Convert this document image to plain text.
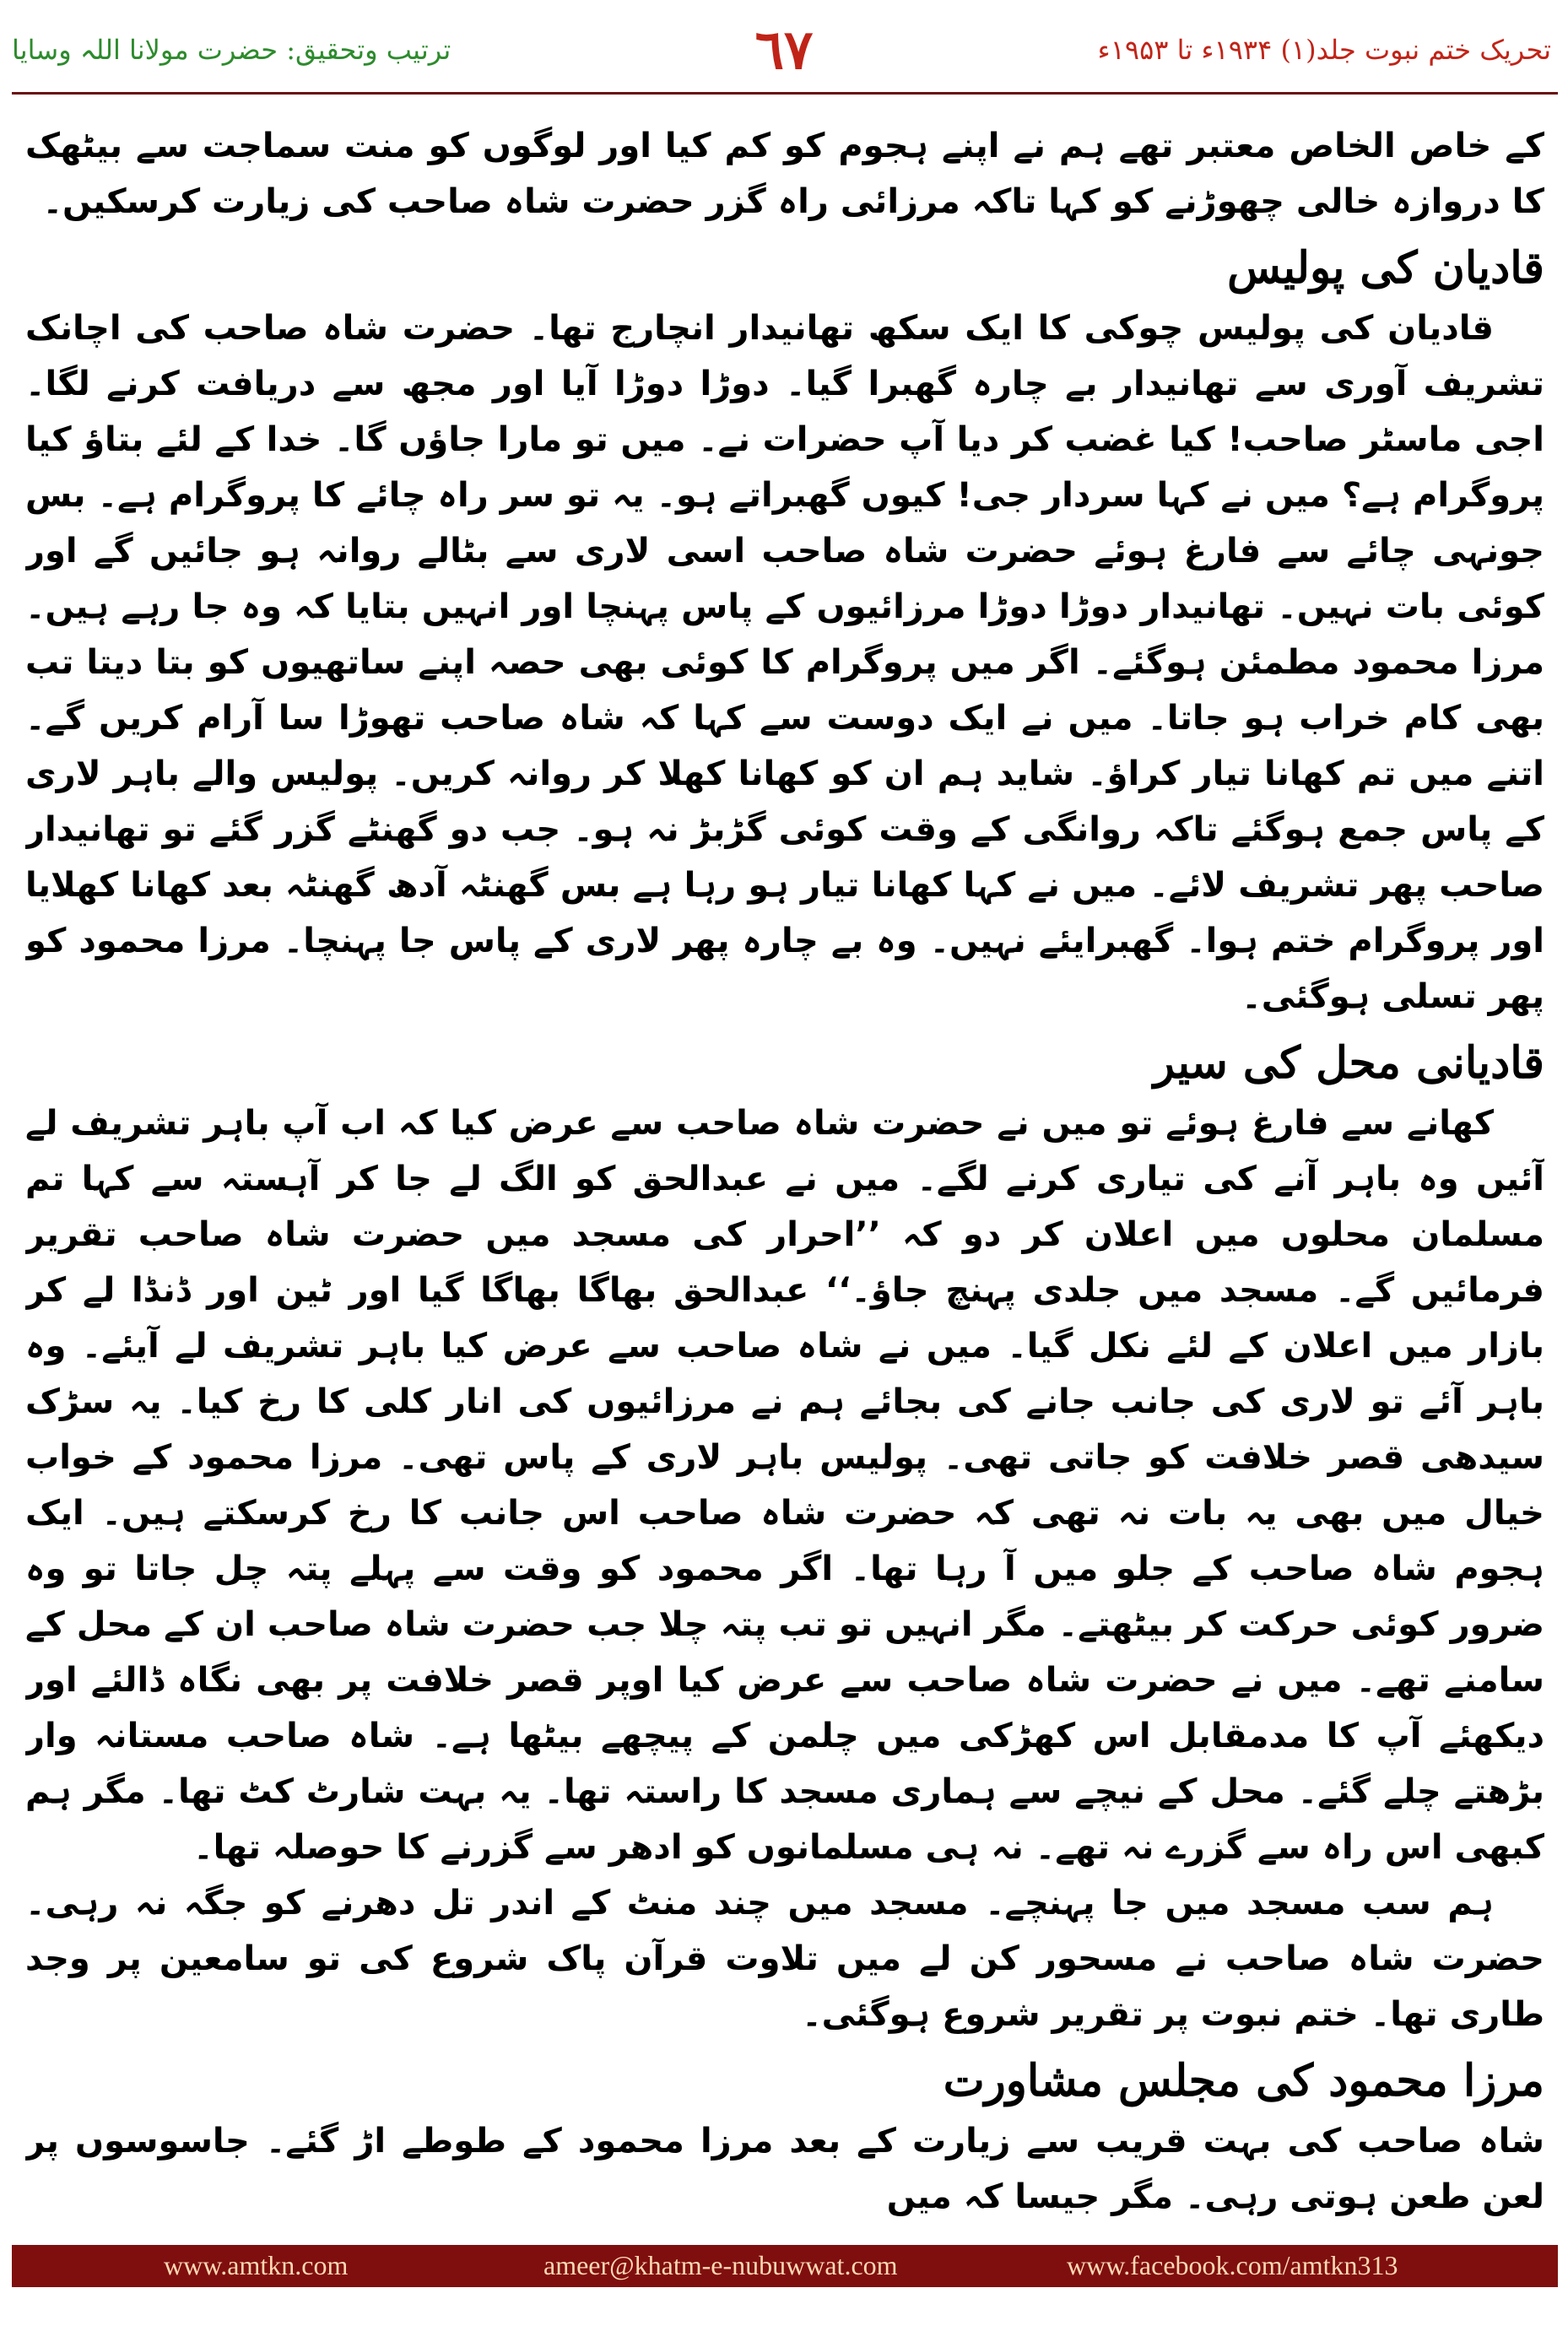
ترتیب وتحقیق: حضرت مولانا اللہ وسایا	٦٧	تحریک ختم نبوت جلد(۱) ۱۹۳۴ء تا ۱۹۵۳ء

کے خاص الخاص معتبر تھے ہم نے اپنے ہجوم کو کم کیا اور لوگوں کو منت سماجت سے بیٹھک کا دروازہ خالی چھوڑنے کو کہا تاکہ مرزائی راہ گزر حضرت شاہ صاحب کی زیارت کرسکیں۔

قادیان کی پولیس

قادیان کی پولیس چوکی کا ایک سکھ تھانیدار انچارج تھا۔ حضرت شاہ صاحب کی اچانک تشریف آوری سے تھانیدار بے چارہ گھبرا گیا۔ دوڑا دوڑا آیا اور مجھ سے دریافت کرنے لگا۔ اجی ماسٹر صاحب! کیا غضب کر دیا آپ حضرات نے۔ میں تو مارا جاؤں گا۔ خدا کے لئے بتاؤ کیا پروگرام ہے؟ میں نے کہا سردار جی! کیوں گھبراتے ہو۔ یہ تو سر راہ چائے کا پروگرام ہے۔ بس جونہی چائے سے فارغ ہوئے حضرت شاہ صاحب اسی لاری سے بٹالے روانہ ہو جائیں گے اور کوئی بات نہیں۔ تھانیدار دوڑا دوڑا مرزائیوں کے پاس پہنچا اور انہیں بتایا کہ وہ جا رہے ہیں۔ مرزا محمود مطمئن ہوگئے۔ اگر میں پروگرام کا کوئی بھی حصہ اپنے ساتھیوں کو بتا دیتا تب بھی کام خراب ہو جاتا۔ میں نے ایک دوست سے کہا کہ شاہ صاحب تھوڑا سا آرام کریں گے۔ اتنے میں تم کھانا تیار کراؤ۔ شاید ہم ان کو کھانا کھلا کر روانہ کریں۔ پولیس والے باہر لاری کے پاس جمع ہوگئے تاکہ روانگی کے وقت کوئی گڑبڑ نہ ہو۔ جب دو گھنٹے گزر گئے تو تھانیدار صاحب پھر تشریف لائے۔ میں نے کہا کھانا تیار ہو رہا ہے بس گھنٹہ آدھ گھنٹہ بعد کھانا کھلایا اور پروگرام ختم ہوا۔ گھبرایئے نہیں۔ وہ بے چارہ پھر لاری کے پاس جا پہنچا۔ مرزا محمود کو پھر تسلی ہوگئی۔

قادیانی محل کی سیر

کھانے سے فارغ ہوئے تو میں نے حضرت شاہ صاحب سے عرض کیا کہ اب آپ باہر تشریف لے آئیں وہ باہر آنے کی تیاری کرنے لگے۔ میں نے عبدالحق کو الگ لے جا کر آہستہ سے کہا تم مسلمان محلوں میں اعلان کر دو کہ ’’احرار کی مسجد میں حضرت شاہ صاحب تقریر فرمائیں گے۔ مسجد میں جلدی پہنچ جاؤ۔‘‘ عبدالحق بھاگا بھاگا گیا اور ٹین اور ڈنڈا لے کر بازار میں اعلان کے لئے نکل گیا۔ میں نے شاہ صاحب سے عرض کیا باہر تشریف لے آیئے۔ وہ باہر آئے تو لاری کی جانب جانے کی بجائے ہم نے مرزائیوں کی انار کلی کا رخ کیا۔ یہ سڑک سیدھی قصر خلافت کو جاتی تھی۔ پولیس باہر لاری کے پاس تھی۔ مرزا محمود کے خواب خیال میں بھی یہ بات نہ تھی کہ حضرت شاہ صاحب اس جانب کا رخ کرسکتے ہیں۔ ایک ہجوم شاہ صاحب کے جلو میں آ رہا تھا۔ اگر محمود کو وقت سے پہلے پتہ چل جاتا تو وہ ضرور کوئی حرکت کر بیٹھتے۔ مگر انہیں تو تب پتہ چلا جب حضرت شاہ صاحب ان کے محل کے سامنے تھے۔ میں نے حضرت شاہ صاحب سے عرض کیا اوپر قصر خلافت پر بھی نگاہ ڈالئے اور دیکھئے آپ کا مدمقابل اس کھڑکی میں چلمن کے پیچھے بیٹھا ہے۔ شاہ صاحب مستانہ وار بڑھتے چلے گئے۔ محل کے نیچے سے ہماری مسجد کا راستہ تھا۔ یہ بہت شارٹ کٹ تھا۔ مگر ہم کبھی اس راہ سے گزرے نہ تھے۔ نہ ہی مسلمانوں کو ادھر سے گزرنے کا حوصلہ تھا۔

ہم سب مسجد میں جا پہنچے۔ مسجد میں چند منٹ کے اندر تل دھرنے کو جگہ نہ رہی۔ حضرت شاہ صاحب نے مسحور کن لے میں تلاوت قرآن پاک شروع کی تو سامعین پر وجد طاری تھا۔ ختم نبوت پر تقریر شروع ہوگئی۔

مرزا محمود کی مجلس مشاورت

شاہ صاحب کی بہت قریب سے زیارت کے بعد مرزا محمود کے طوطے اڑ گئے۔ جاسوسوں پر لعن طعن ہوتی رہی۔ مگر جیسا کہ میں

www.amtkn.com	ameer@khatm-e-nubuwwat.com	www.facebook.com/amtkn313
